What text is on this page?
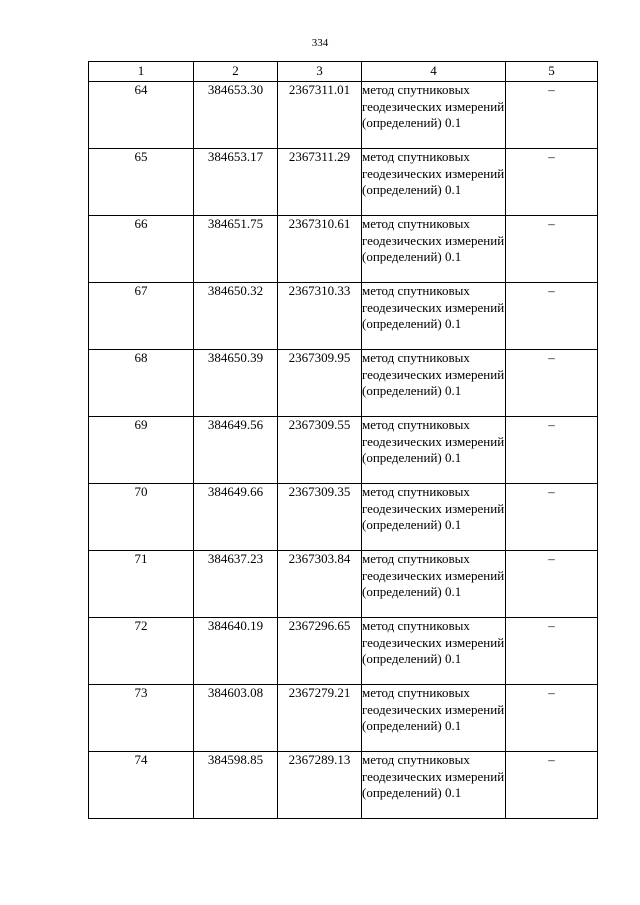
334
1	2	3	4	5
64	384653.30	2367311.01	метод спутниковых геодезических измерений (определений) 0.1	–
65	384653.17	2367311.29	метод спутниковых геодезических измерений (определений) 0.1	–
66	384651.75	2367310.61	метод спутниковых геодезических измерений (определений) 0.1	–
67	384650.32	2367310.33	метод спутниковых геодезических измерений (определений) 0.1	–
68	384650.39	2367309.95	метод спутниковых геодезических измерений (определений) 0.1	–
69	384649.56	2367309.55	метод спутниковых геодезических измерений (определений) 0.1	–
70	384649.66	2367309.35	метод спутниковых геодезических измерений (определений) 0.1	–
71	384637.23	2367303.84	метод спутниковых геодезических измерений (определений) 0.1	–
72	384640.19	2367296.65	метод спутниковых геодезических измерений (определений) 0.1	–
73	384603.08	2367279.21	метод спутниковых геодезических измерений (определений) 0.1	–
74	384598.85	2367289.13	метод спутниковых геодезических измерений (определений) 0.1	–
